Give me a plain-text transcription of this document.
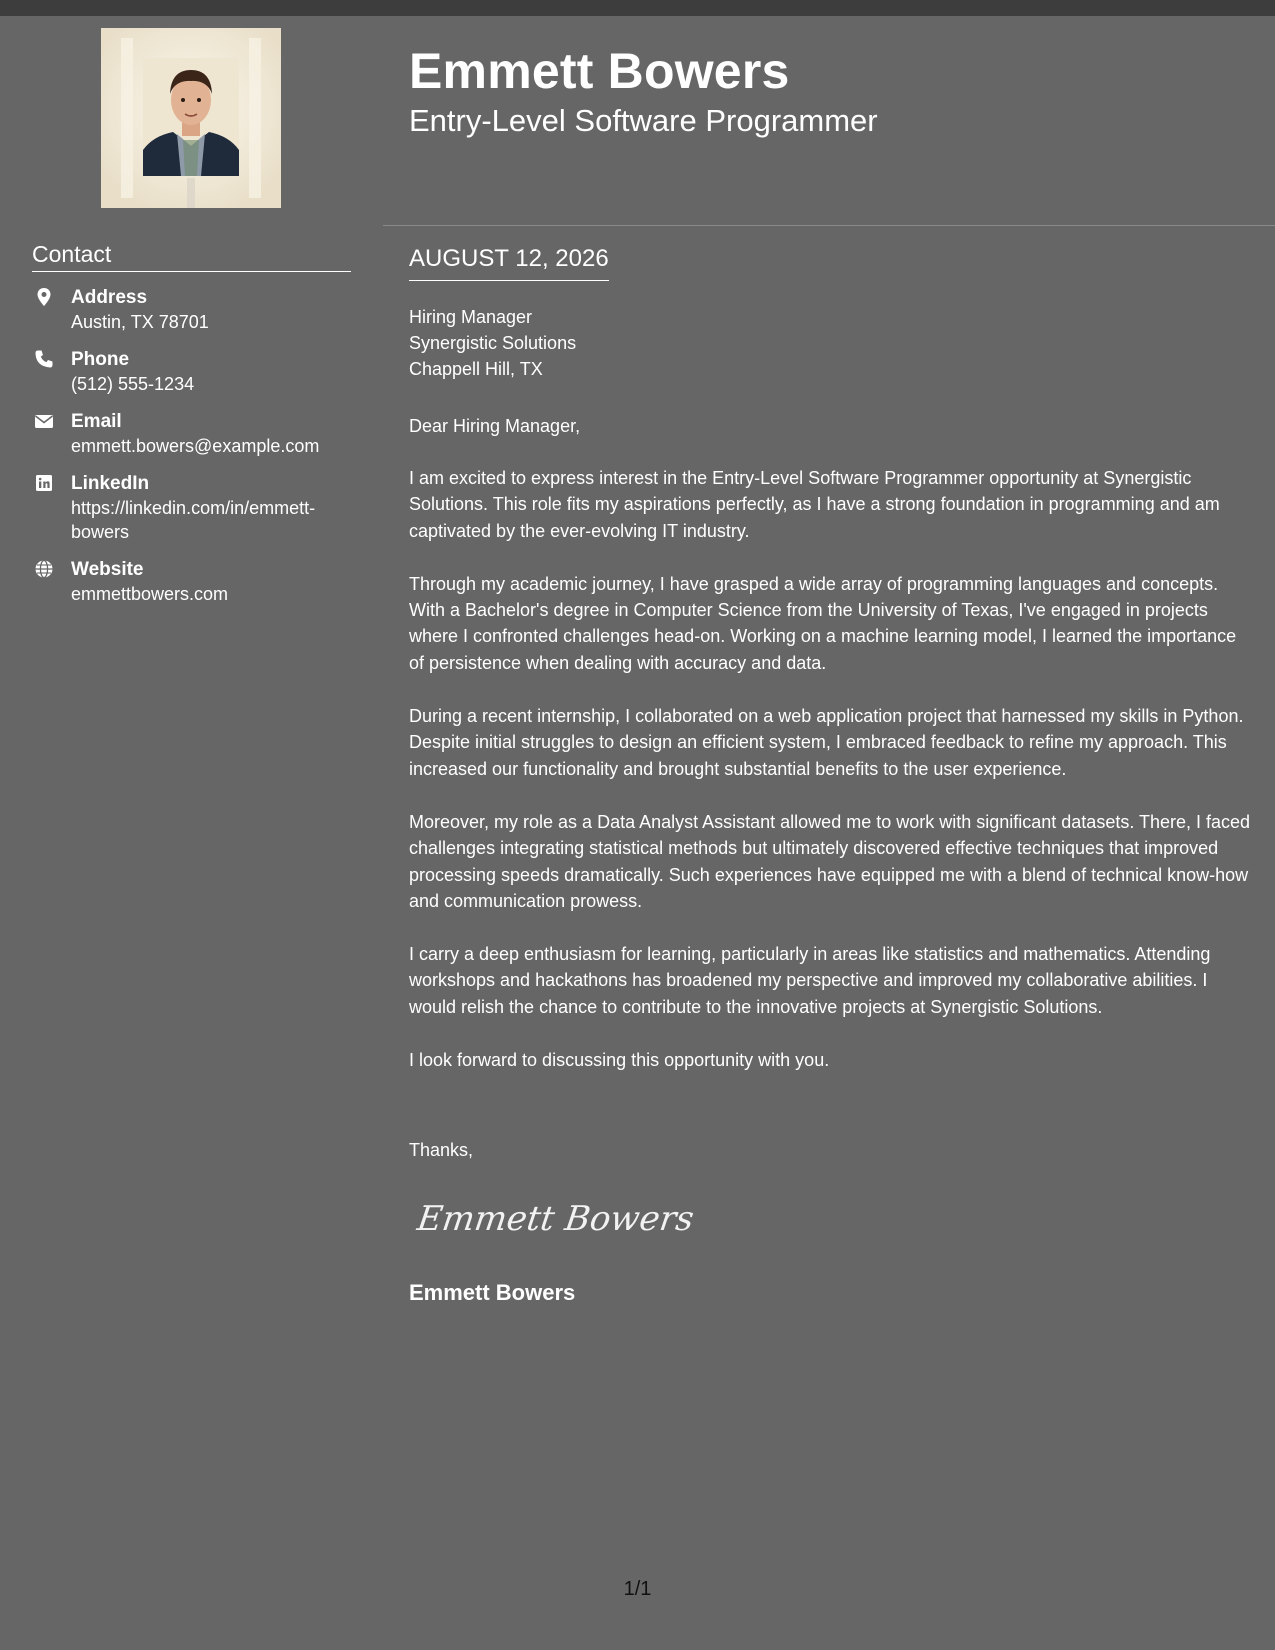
Contact
Address
Austin, TX 78701
Phone
(512) 555-1234
Email
emmett.bowers@example.com
LinkedIn
https://linkedin.com/in/emmett-bowers
Website
emmettbowers.com
Emmett Bowers
Entry-Level Software Programmer
AUGUST 12, 2026
Hiring Manager
Synergistic Solutions
Chappell Hill, TX
Dear Hiring Manager,

I am excited to express interest in the Entry-Level Software Programmer opportunity at Synergistic Solutions. This role fits my aspirations perfectly, as I have a strong foundation in programming and am captivated by the ever-evolving IT industry.

Through my academic journey, I have grasped a wide array of programming languages and concepts. With a Bachelor's degree in Computer Science from the University of Texas, I've engaged in projects where I confronted challenges head-on. Working on a machine learning model, I learned the importance of persistence when dealing with accuracy and data.

During a recent internship, I collaborated on a web application project that harnessed my skills in Python. Despite initial struggles to design an efficient system, I embraced feedback to refine my approach. This increased our functionality and brought substantial benefits to the user experience.

Moreover, my role as a Data Analyst Assistant allowed me to work with significant datasets. There, I faced challenges integrating statistical methods but ultimately discovered effective techniques that improved processing speeds dramatically. Such experiences have equipped me with a blend of technical know-how and communication prowess.

I carry a deep enthusiasm for learning, particularly in areas like statistics and mathematics. Attending workshops and hackathons has broadened my perspective and improved my collaborative abilities. I would relish the chance to contribute to the innovative projects at Synergistic Solutions.

I look forward to discussing this opportunity with you.

Thanks,
Emmett Bowers
Emmett Bowers
1/1
